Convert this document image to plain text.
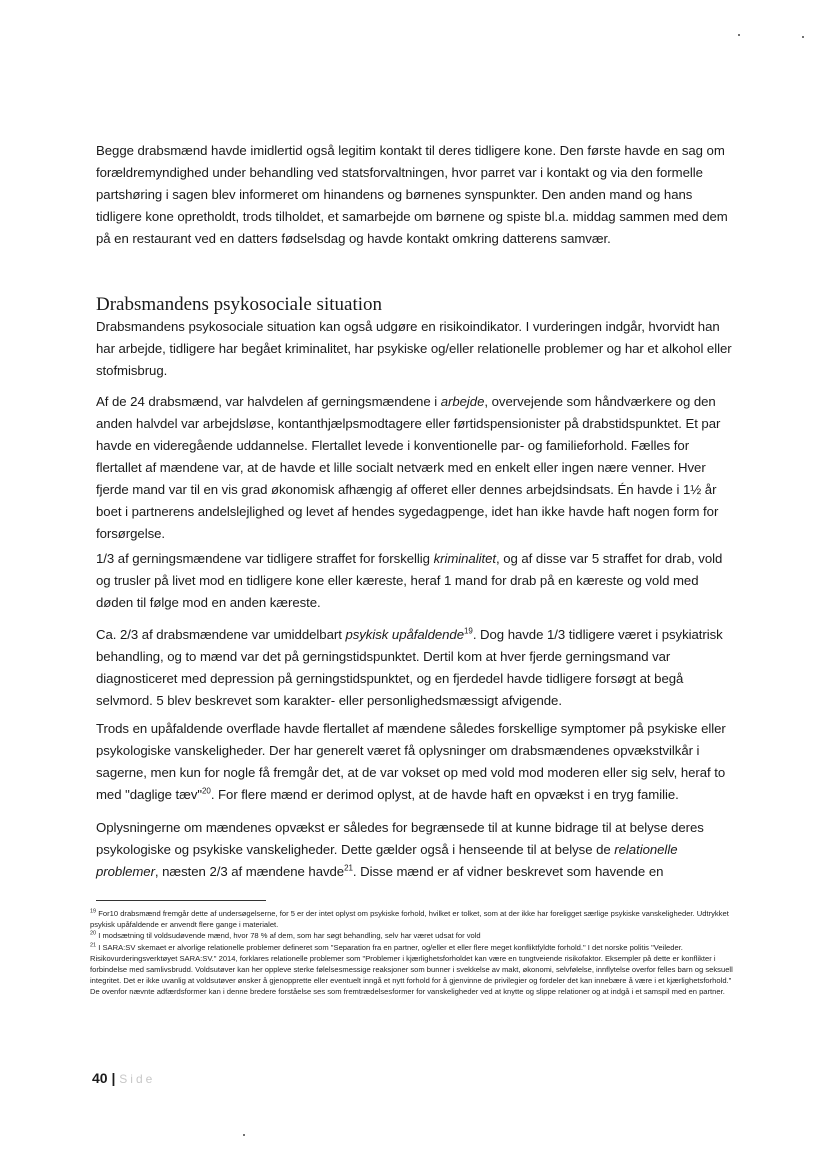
Begge drabsmænd havde imidlertid også legitim kontakt til deres tidligere kone. Den første havde en sag om forældremyndighed under behandling ved statsforvaltningen, hvor parret var i kontakt og via den formelle partshøring i sagen blev informeret om hinandens og børnenes synspunkter. Den anden mand og hans tidligere kone opretholdt, trods tilholdet, et samarbejde om børnene og spiste bl.a. middag sammen med dem på en restaurant ved en datters fødselsdag og havde kontakt omkring datterens samvær.

Drabsmandens psykosociale situation

Drabsmandens psykosociale situation kan også udgøre en risikoindikator. I vurderingen indgår, hvorvidt han har arbejde, tidligere har begået kriminalitet, har psykiske og/eller relationelle problemer og har et alkohol eller stofmisbrug.

Af de 24 drabsmænd, var halvdelen af gerningsmændene i arbejde, overvejende som håndværkere og den anden halvdel var arbejdsløse, kontanthjælpsmodtagere eller førtidspensionister på drabstidspunktet. Et par havde en videregående uddannelse. Flertallet levede i konventionelle par- og familieforhold. Fælles for flertallet af mændene var, at de havde et lille socialt netværk med en enkelt eller ingen nære venner. Hver fjerde mand var til en vis grad økonomisk afhængig af offeret eller dennes arbejdsindsats. Én havde i 1½ år boet i partnerens andelslejlighed og levet af hendes sygedagpenge, idet han ikke havde haft nogen form for forsørgelse.

1/3 af gerningsmændene var tidligere straffet for forskellig kriminalitet, og af disse var 5 straffet for drab, vold og trusler på livet mod en tidligere kone eller kæreste, heraf 1 mand for drab på en kæreste og vold med døden til følge mod en anden kæreste.

Ca. 2/3 af drabsmændene var umiddelbart psykisk upåfaldende$^{19}$. Dog havde 1/3 tidligere været i psykiatrisk behandling, og to mænd var det på gerningstidspunktet. Dertil kom at hver fjerde gerningsmand var diagnosticeret med depression på gerningstidspunktet, og en fjerdedel havde tidligere forsøgt at begå selvmord. 5 blev beskrevet som karakter- eller personlighedsmæssigt afvigende.

Trods en upåfaldende overflade havde flertallet af mændene således forskellige symptomer på psykiske eller psykologiske vanskeligheder. Der har generelt været få oplysninger om drabsmændenes opvækstvilkår i sagerne, men kun for nogle få fremgår det, at de var vokset op med vold mod moderen eller sig selv, heraf to med "daglige tæv"$^{20}$. For flere mænd er derimod oplyst, at de havde haft en opvækst i en tryg familie.

Oplysningerne om mændenes opvækst er således for begrænsede til at kunne bidrage til at belyse deres psykologiske og psykiske vanskeligheder. Dette gælder også i henseende til at belyse de relationelle problemer, næsten 2/3 af mændene havde$^{21}$. Disse mænd er af vidner beskrevet som havende en

$^{19}$ For10 drabsmænd fremgår dette af undersøgelserne, for 5 er der intet oplyst om psykiske forhold, hvilket er tolket, som at der ikke har foreligget særlige psykiske vanskeligheder. Udtrykket psykisk upåfaldende er anvendt flere gange i materialet.

$^{20}$ I modsætning til voldsudøvende mænd, hvor 78 % af dem, som har søgt behandling, selv har været udsat for vold

$^{21}$ I SARA:SV skemaet er alvorlige relationelle problemer defineret som "Separation fra en partner, og/eller et eller flere meget konfliktfyldte forhold." I det norske politis "Veileder. Risikovurderingsverktøyet SARA:SV." 2014, forklares relationelle problemer som "Problemer i kjærlighetsforholdet kan være en tungtveiende risikofaktor. Eksempler på dette er konflikter i forbindelse med samlivsbrudd. Voldsutøver kan her oppleve sterke følelsesmessige reaksjoner som bunner i svekkelse av makt, økonomi, selvfølelse, innflytelse overfor felles barn og seksuell integritet. Det er ikke uvanlig at voldsutøver ønsker å gjenopprette eller eventuelt inngå et nytt forhold for å gjenvinne de privilegier og fordeler det kan innebære å være i et kjærlighetsforhold." De ovenfor nævnte adfærdsformer kan i denne bredere forståelse ses som fremtrædelsesformer for vanskeligheder ved at knytte og slippe relationer og at indgå i et samspil med en partner.

40 | Side
